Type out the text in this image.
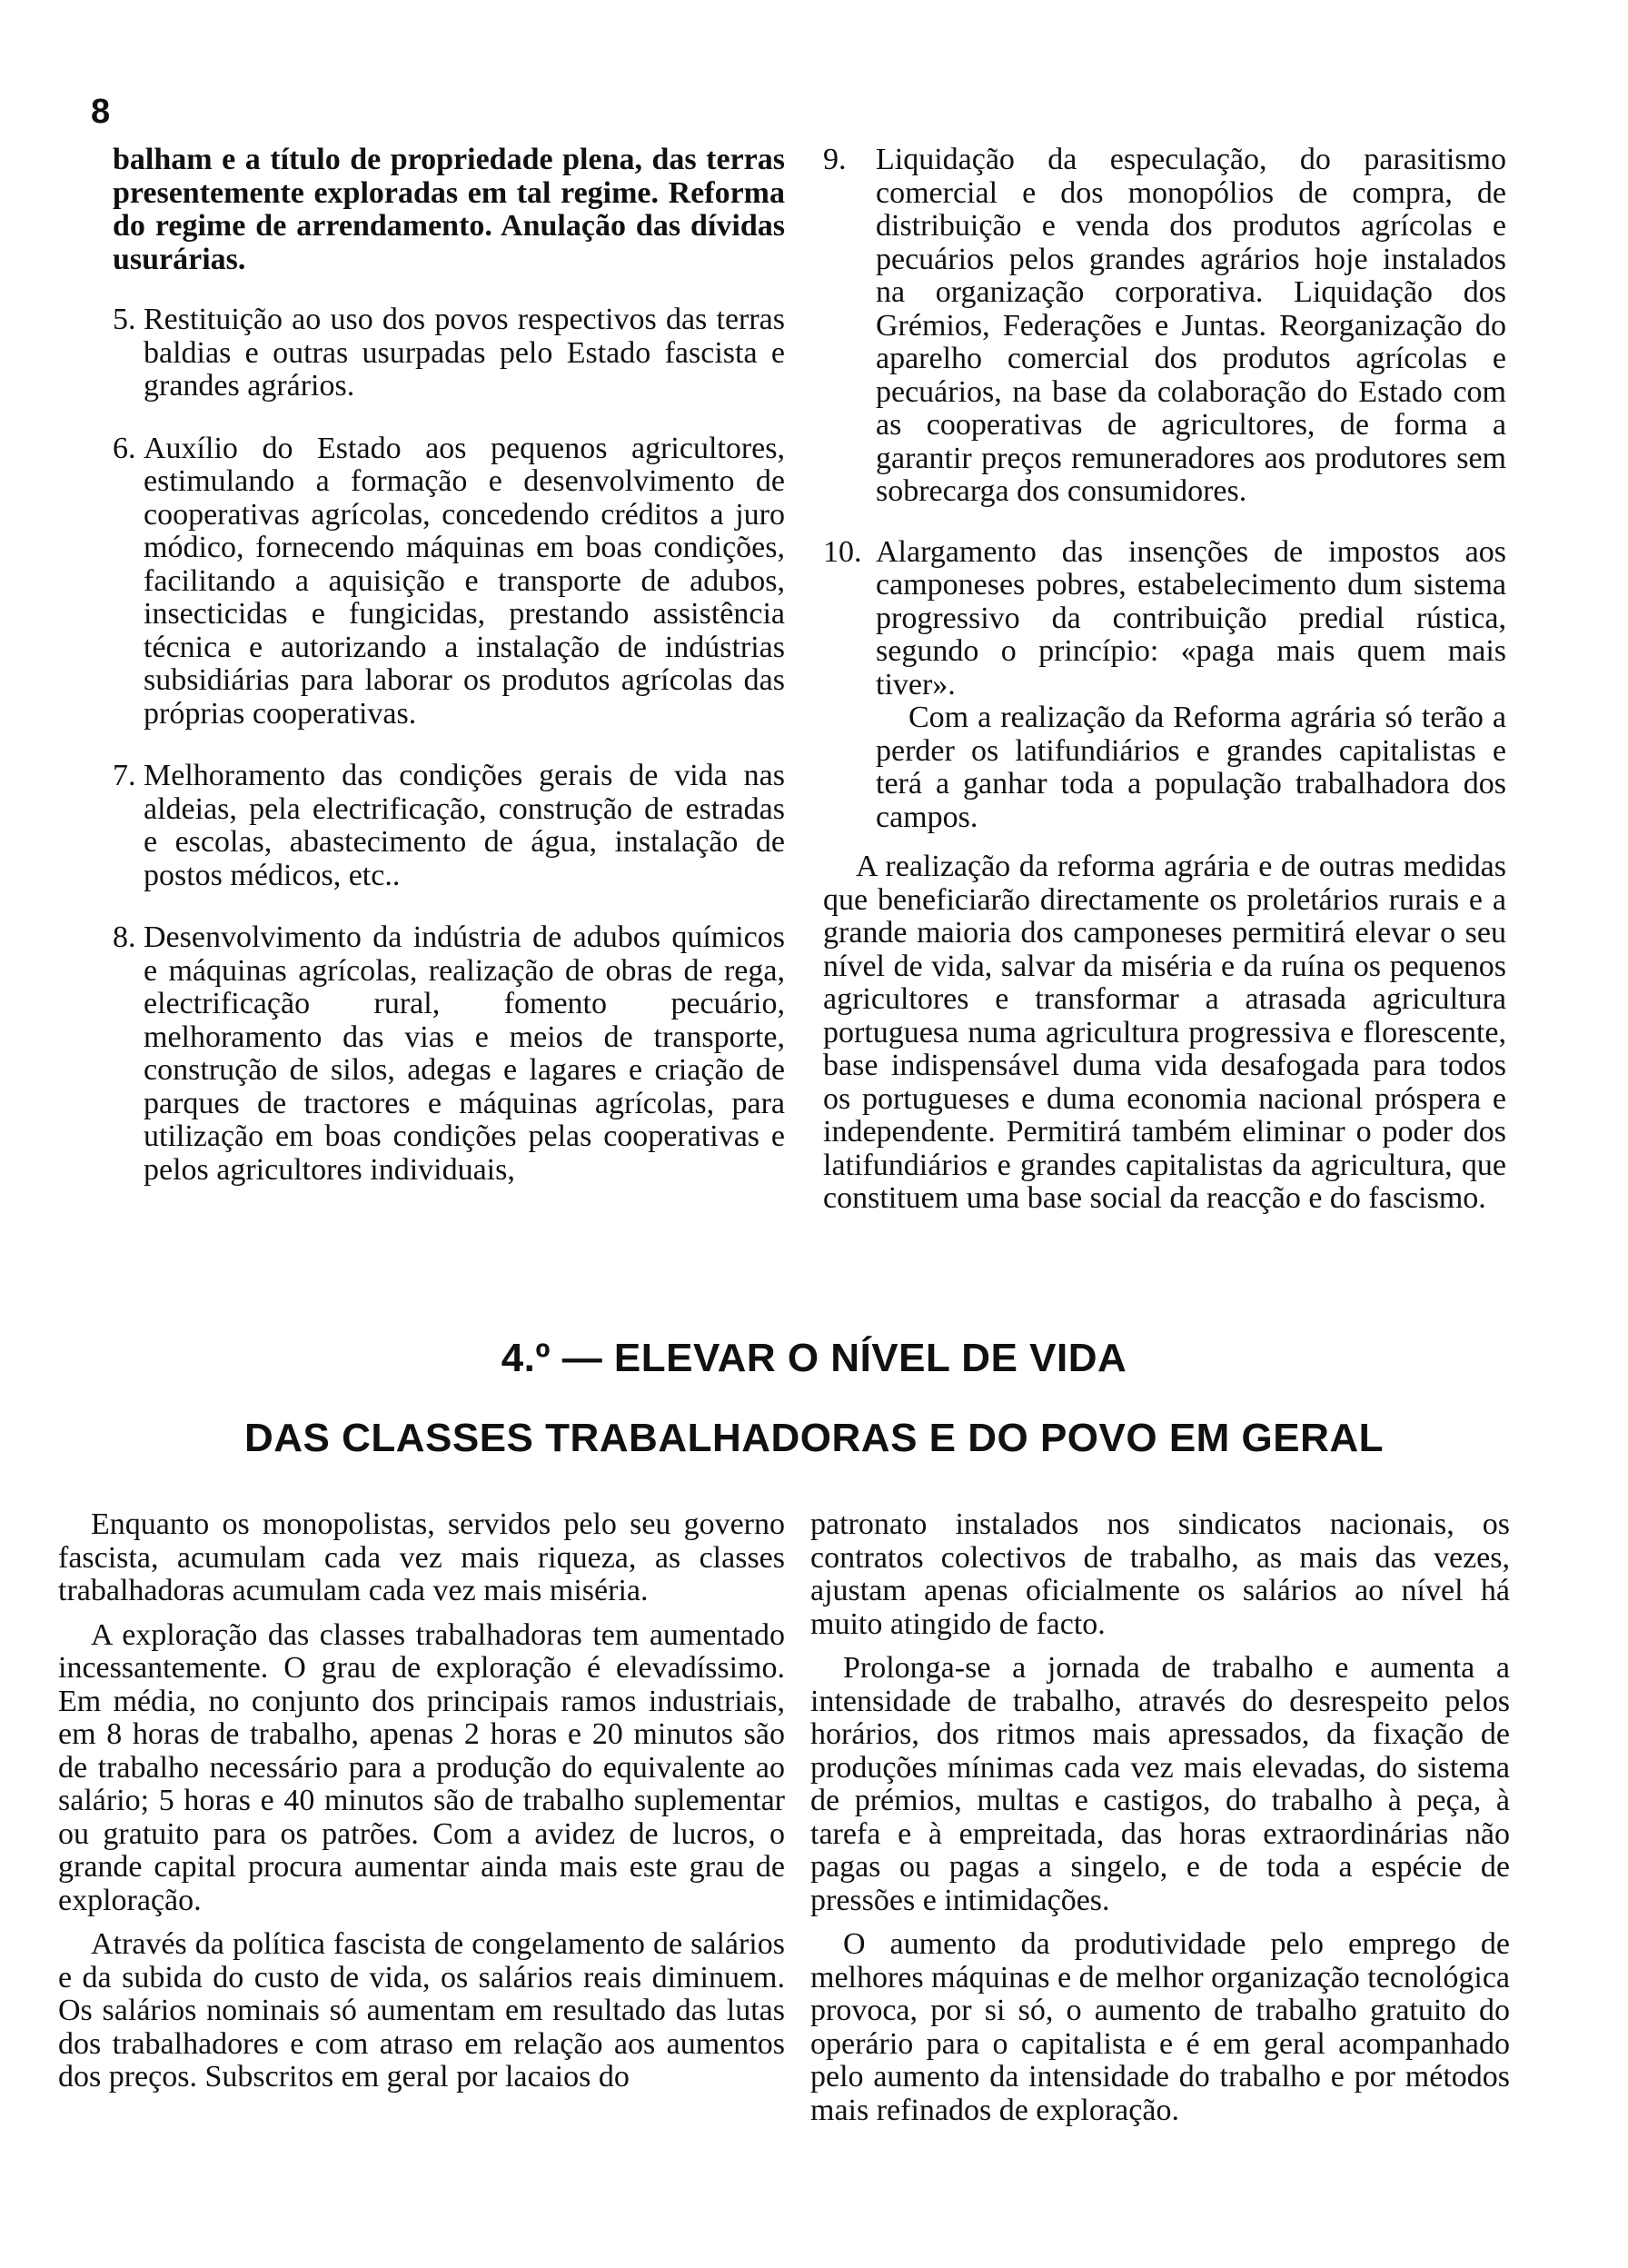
8

balham e a título de propriedade plena, das terras presentemente exploradas em tal regime. Reforma do regime de arrendamento. Anulação das dívidas usurárias.

5. Restituição ao uso dos povos respectivos das terras baldias e outras usurpadas pelo Estado fascista e grandes agrários.
6. Auxílio do Estado aos pequenos agricultores, estimulando a formação e desenvolvimento de cooperativas agrícolas, concedendo créditos a juro módico, fornecendo máquinas em boas condições, facilitando a aquisição e transporte de adubos, insecticidas e fungicidas, prestando assistência técnica e autorizando a instalação de indústrias subsidiárias para laborar os produtos agrícolas das próprias cooperativas.
7. Melhoramento das condições gerais de vida nas aldeias, pela electrificação, construção de estradas e escolas, abastecimento de água, instalação de postos médicos, etc..
8. Desenvolvimento da indústria de adubos químicos e máquinas agrícolas, realização de obras de rega, electrificação rural, fomento pecuário, melhoramento das vias e meios de transporte, construção de silos, adegas e lagares e criação de parques de tractores e máquinas agrícolas, para utilização em boas condições pelas cooperativas e pelos agricultores individuais,
9. Liquidação da especulação, do parasitismo comercial e dos monopólios de compra, de distribuição e venda dos produtos agrícolas e pecuários pelos grandes agrários hoje instalados na organização corporativa. Liquidação dos Grémios, Federações e Juntas. Reorganização do aparelho comercial dos produtos agrícolas e pecuários, na base da colaboração do Estado com as cooperativas de agricultores, de forma a garantir preços remuneradores aos produtores sem sobrecarga dos consumidores.
10. Alargamento das insenções de impostos aos camponeses pobres, estabelecimento dum sistema progressivo da contribuição predial rústica, segundo o princípio: «paga mais quem mais tiver».
Com a realização da Reforma agrária só terão a perder os latifundiários e grandes capitalistas e terá a ganhar toda a população trabalhadora dos campos.

A realização da reforma agrária e de outras medidas que beneficiarão directamente os proletários rurais e a grande maioria dos camponeses permitirá elevar o seu nível de vida, salvar da miséria e da ruína os pequenos agricultores e transformar a atrasada agricultura portuguesa numa agricultura progressiva e florescente, base indispensável duma vida desafogada para todos os portugueses e duma economia nacional próspera e independente. Permitirá também eliminar o poder dos latifundiários e grandes capitalistas da agricultura, que constituem uma base social da reacção e do fascismo.

4.º — ELEVAR O NÍVEL DE VIDA
DAS CLASSES TRABALHADORAS E DO POVO EM GERAL

Enquanto os monopolistas, servidos pelo seu governo fascista, acumulam cada vez mais riqueza, as classes trabalhadoras acumulam cada vez mais miséria.

A exploração das classes trabalhadoras tem aumentado incessantemente. O grau de exploração é elevadíssimo. Em média, no conjunto dos principais ramos industriais, em 8 horas de trabalho, apenas 2 horas e 20 minutos são de trabalho necessário para a produção do equivalente ao salário; 5 horas e 40 minutos são de trabalho suplementar ou gratuito para os patrões. Com a avidez de lucros, o grande capital procura aumentar ainda mais este grau de exploração.

Através da política fascista de congelamento de salários e da subida do custo de vida, os salários reais diminuem. Os salários nominais só aumentam em resultado das lutas dos trabalhadores e com atraso em relação aos aumentos dos preços. Subscritos em geral por lacaios do

patronato instalados nos sindicatos nacionais, os contratos colectivos de trabalho, as mais das vezes, ajustam apenas oficialmente os salários ao nível há muito atingido de facto.

Prolonga-se a jornada de trabalho e aumenta a intensidade de trabalho, através do desrespeito pelos horários, dos ritmos mais apressados, da fixação de produções mínimas cada vez mais elevadas, do sistema de prémios, multas e castigos, do trabalho à peça, à tarefa e à empreitada, das horas extraordinárias não pagas ou pagas a singelo, e de toda a espécie de pressões e intimidações.

O aumento da produtividade pelo emprego de melhores máquinas e de melhor organização tecnológica provoca, por si só, o aumento de trabalho gratuito do operário para o capitalista e é em geral acompanhado pelo aumento da intensidade do trabalho e por métodos mais refinados de exploração.
